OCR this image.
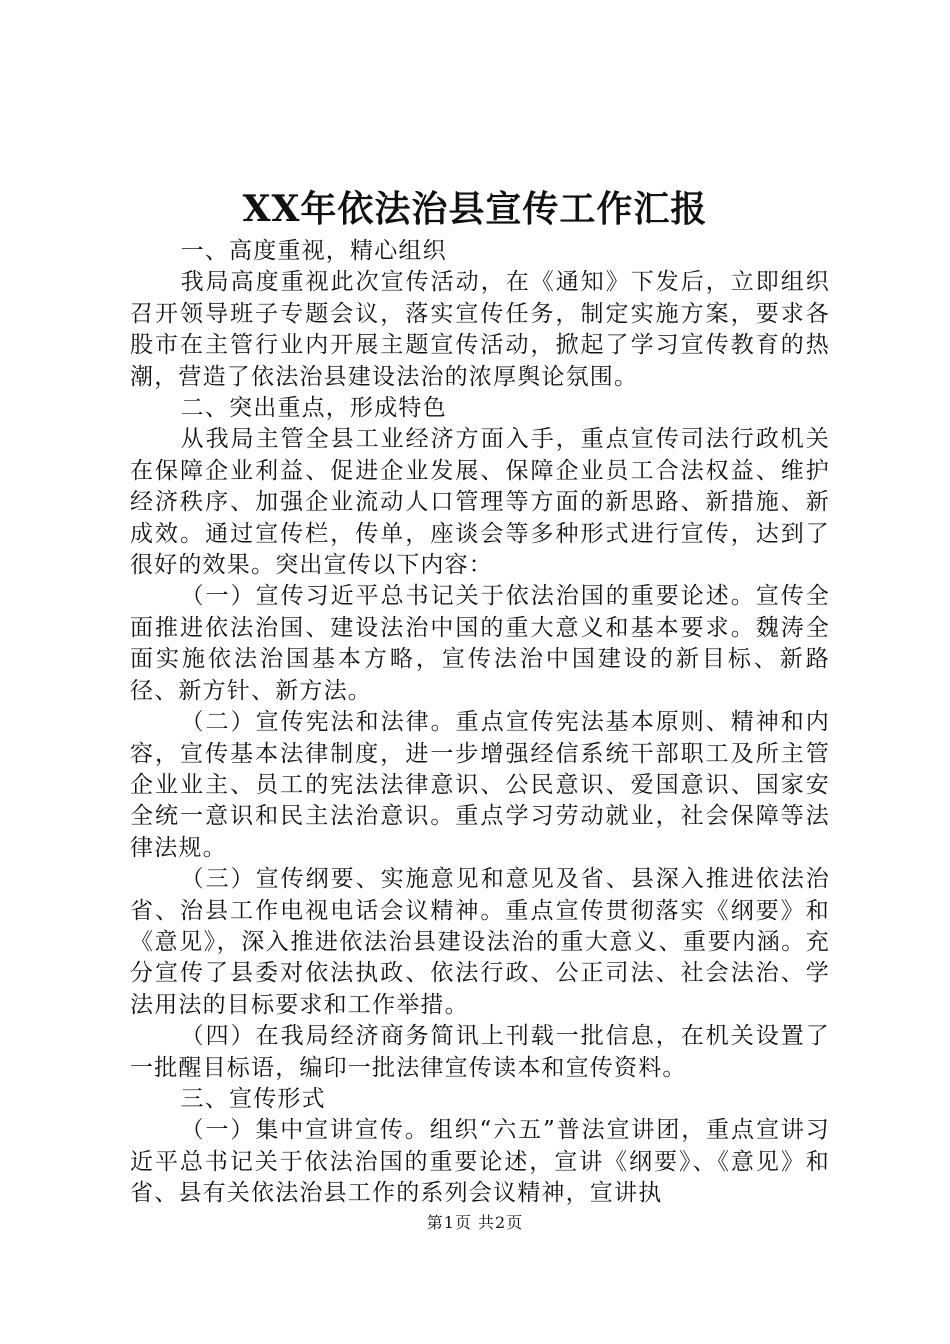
XX年依法治县宣传工作汇报

一、高度重视，精心组织

我局高度重视此次宣传活动，在《通知》下发后，立即组织召开领导班子专题会议，落实宣传任务，制定实施方案，要求各股市在主管行业内开展主题宣传活动，掀起了学习宣传教育的热潮，营造了依法治县建设法治的浓厚舆论氛围。

二、突出重点，形成特色

从我局主管全县工业经济方面入手，重点宣传司法行政机关在保障企业利益、促进企业发展、保障企业员工合法权益、维护经济秩序、加强企业流动人口管理等方面的新思路、新措施、新成效。通过宣传栏，传单，座谈会等多种形式进行宣传，达到了很好的效果。突出宣传以下内容：

（一）宣传习近平总书记关于依法治国的重要论述。宣传全面推进依法治国、建设法治中国的重大意义和基本要求。魏涛全面实施依法治国基本方略，宣传法治中国建设的新目标、新路径、新方针、新方法。

（二）宣传宪法和法律。重点宣传宪法基本原则、精神和内容，宣传基本法律制度，进一步增强经信系统干部职工及所主管企业业主、员工的宪法法律意识、公民意识、爱国意识、国家安全统一意识和民主法治意识。重点学习劳动就业，社会保障等法律法规。

（三）宣传纲要、实施意见和意见及省、县深入推进依法治省、治县工作电视电话会议精神。重点宣传贯彻落实《纲要》和《意见》，深入推进依法治县建设法治的重大意义、重要内涵。充分宣传了县委对依法执政、依法行政、公正司法、社会法治、学法用法的目标要求和工作举措。

（四）在我局经济商务简讯上刊载一批信息，在机关设置了一批醒目标语，编印一批法律宣传读本和宣传资料。

三、宣传形式

（一）集中宣讲宣传。组织“六五”普法宣讲团，重点宣讲习近平总书记关于依法治国的重要论述，宣讲《纲要》、《意见》和省、县有关依法治县工作的系列会议精神，宣讲执

第1页 共2页
